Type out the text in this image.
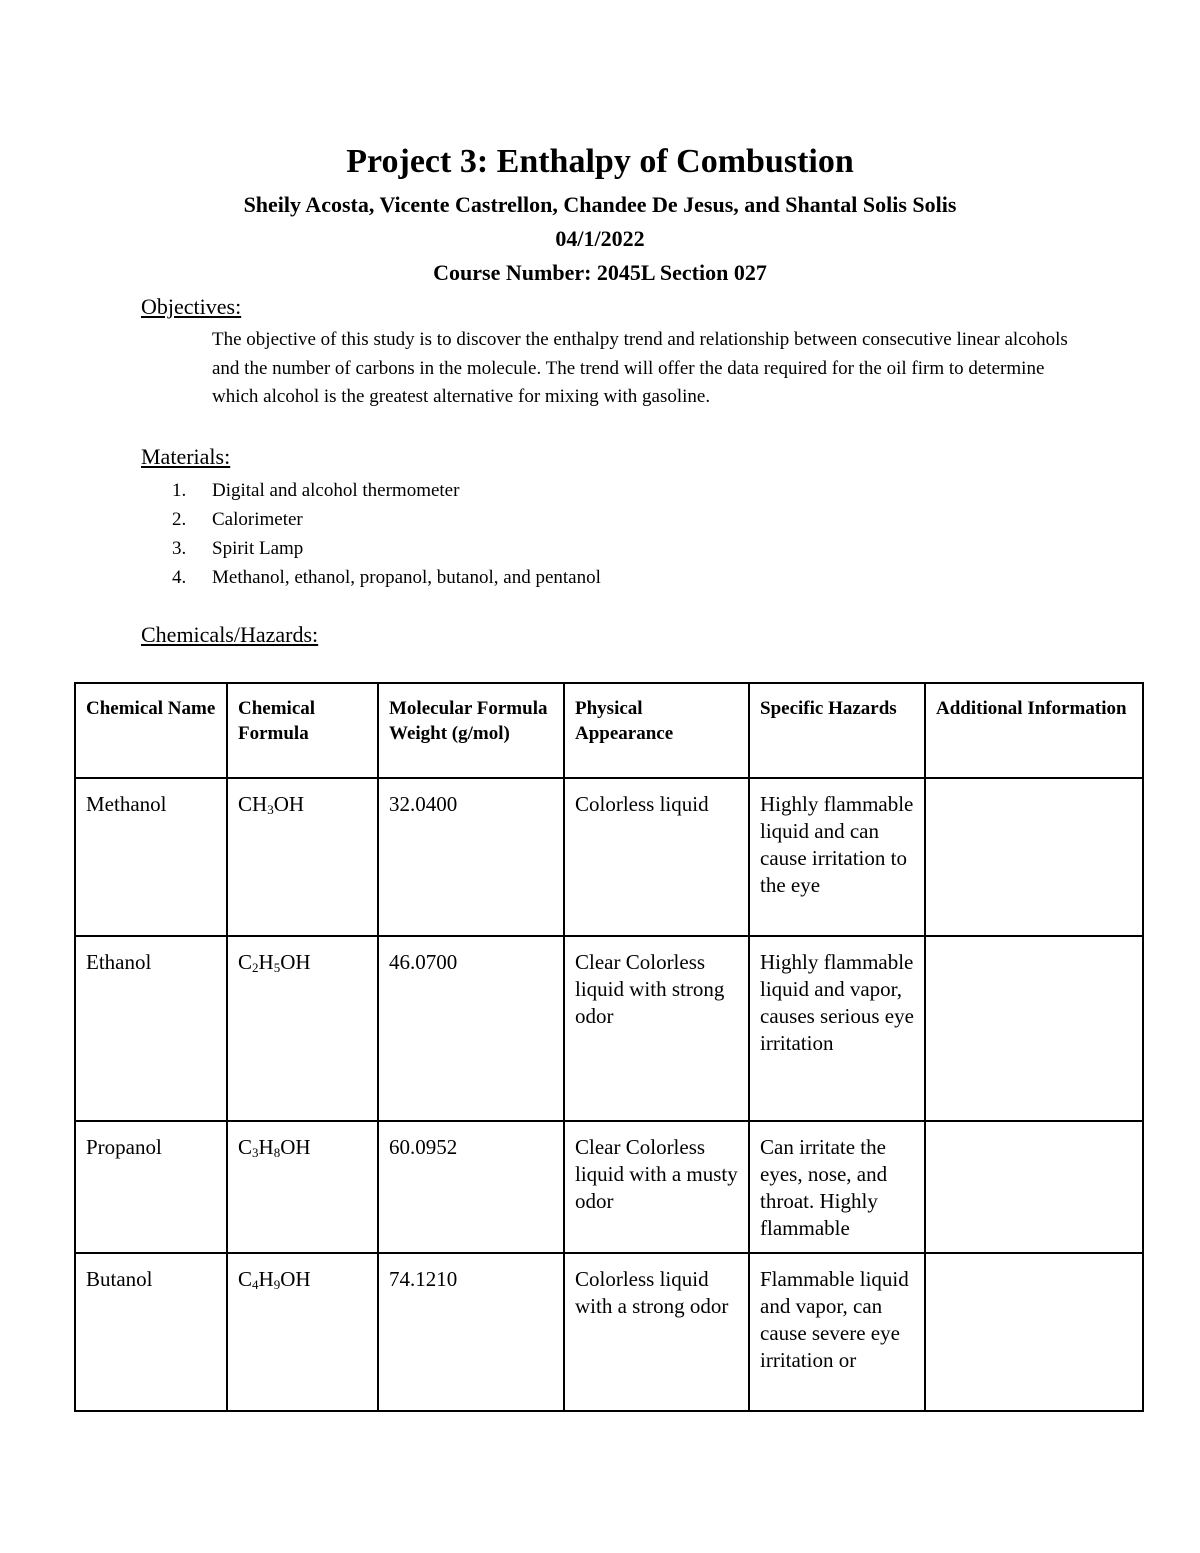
Project 3: Enthalpy of Combustion
Sheily Acosta, Vicente Castrellon, Chandee De Jesus, and Shantal Solis Solis
04/1/2022
Course Number: 2045L Section 027
Objectives:

The objective of this study is to discover the enthalpy trend and relationship between consecutive linear alcohols and the number of carbons in the molecule. The trend will offer the data required for the oil firm to determine which alcohol is the greatest alternative for mixing with gasoline.

Materials:
1.	Digital and alcohol thermometer
2.	Calorimeter
3.	Spirit Lamp
4.	Methanol, ethanol, propanol, butanol, and pentanol
Chemicals/Hazards:
Chemical Name	Chemical Formula	Molecular Formula Weight (g/mol)	Physical Appearance	Specific Hazards	Additional Information
Methanol	$CH_3OH$	32.0400	Colorless liquid	Highly flammable liquid and can cause irritation to the eye	
Ethanol	$C_2H_5OH$	46.0700	Clear Colorless liquid with strong odor	Highly flammable liquid and vapor, causes serious eye irritation	
Propanol	$C_3H_8OH$	60.0952	Clear Colorless liquid with a musty odor	Can irritate the eyes, nose, and throat. Highly flammable	
Butanol	$C_4H_9OH$	74.1210	Colorless liquid with a strong odor	Flammable liquid and vapor, can cause severe eye irritation or	
